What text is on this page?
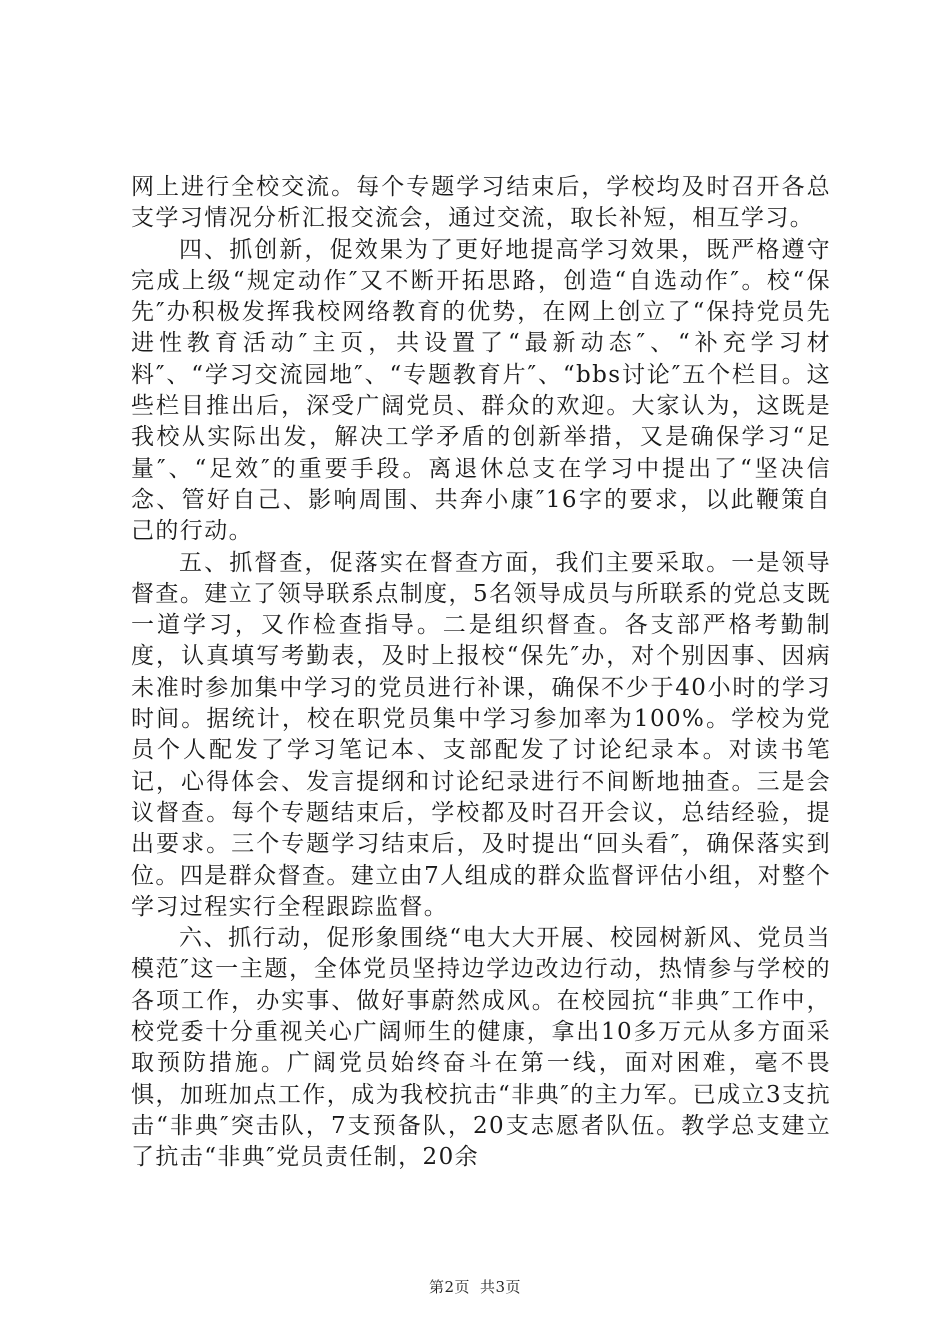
网上进行全校交流。每个专题学习结束后，学校均及时召开各总支学习情况分析汇报交流会，通过交流，取长补短，相互学习。

四、抓创新，促效果为了更好地提高学习效果，既严格遵守完成上级“规定动作″又不断开拓思路，创造“自选动作″。校“保先″办积极发挥我校网络教育的优势，在网上创立了“保持党员先进性教育活动″主页，共设置了“最新动态″、“补充学习材料″、“学习交流园地″、“专题教育片″、“bbs讨论″五个栏目。这些栏目推出后，深受广阔党员、群众的欢迎。大家认为，这既是我校从实际出发，解决工学矛盾的创新举措，又是确保学习“足量″、“足效″的重要手段。离退休总支在学习中提出了“坚决信念、管好自己、影响周围、共奔小康″16字的要求，以此鞭策自己的行动。

五、抓督查，促落实在督查方面，我们主要采取。一是领导督查。建立了领导联系点制度，5名领导成员与所联系的党总支既一道学习，又作检查指导。二是组织督查。各支部严格考勤制度，认真填写考勤表，及时上报校“保先″办，对个别因事、因病未准时参加集中学习的党员进行补课，确保不少于40小时的学习时间。据统计，校在职党员集中学习参加率为100%。学校为党员个人配发了学习笔记本、支部配发了讨论纪录本。对读书笔记，心得体会、发言提纲和讨论纪录进行不间断地抽查。三是会议督查。每个专题结束后，学校都及时召开会议，总结经验，提出要求。三个专题学习结束后，及时提出“回头看″，确保落实到位。四是群众督查。建立由7人组成的群众监督评估小组，对整个学习过程实行全程跟踪监督。

六、抓行动，促形象围绕“电大大开展、校园树新风、党员当模范″这一主题，全体党员坚持边学边改边行动，热情参与学校的各项工作，办实事、做好事蔚然成风。在校园抗“非典″工作中，校党委十分重视关心广阔师生的健康，拿出10多万元从多方面采取预防措施。广阔党员始终奋斗在第一线，面对困难，毫不畏惧，加班加点工作，成为我校抗击“非典″的主力军。已成立3支抗击“非典″突击队，7支预备队，20支志愿者队伍。教学总支建立了抗击“非典″党员责任制，20余

第2页 共3页
